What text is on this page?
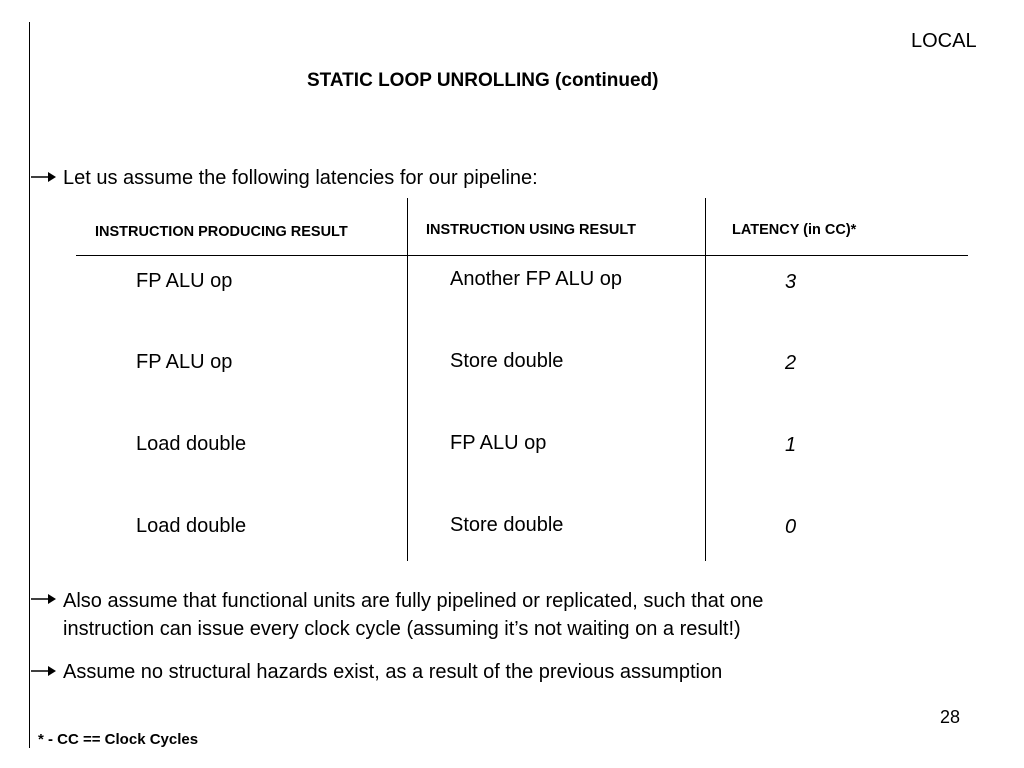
LOCAL
STATIC LOOP UNROLLING (continued)
Let us assume the following latencies for our pipeline:
INSTRUCTION PRODUCING RESULT	INSTRUCTION USING RESULT	LATENCY (in CC)*
FP ALU op	Another FP ALU op	3
FP ALU op	Store double	2
Load double	FP ALU op	1
Load double	Store double	0
Also assume that functional units are fully pipelined or replicated, such that one
instruction can issue every clock cycle (assuming it’s not waiting on a result!)
Assume no structural hazards exist, as a result of the previous assumption
28
* - CC == Clock Cycles
